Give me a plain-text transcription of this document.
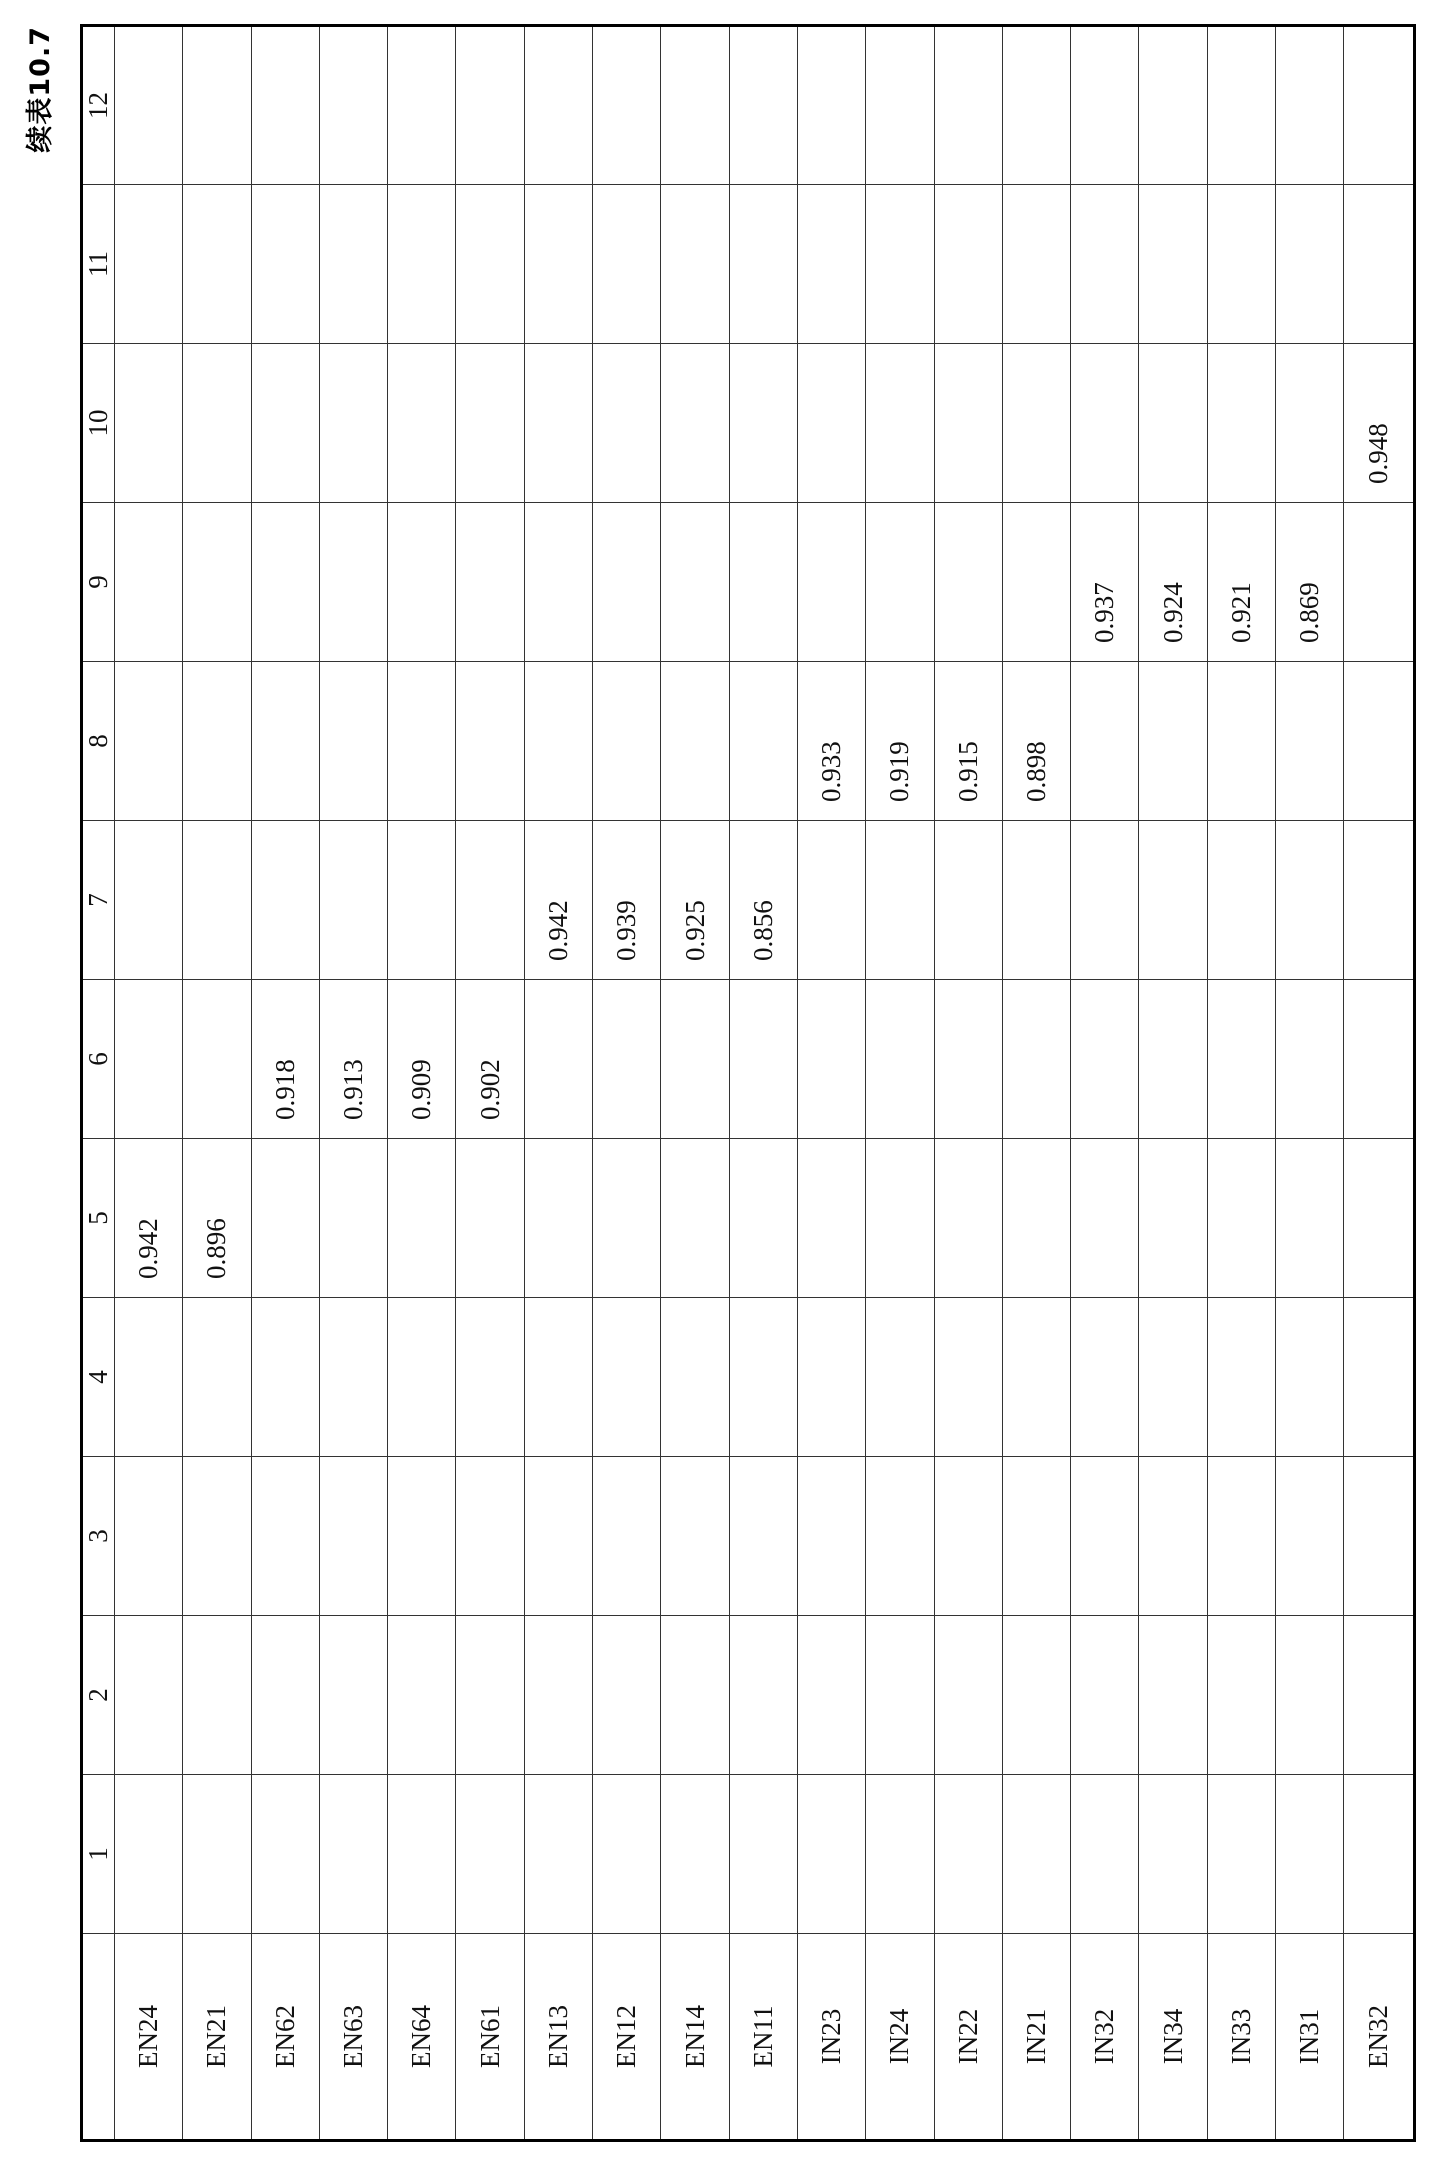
续表10.7
	1	2	3	4	5	6	7	8	9	10	11	12
EN24					0.942							
EN21					0.896							
EN62						0.918						
EN63						0.913						
EN64						0.909						
EN61						0.902						
EN13							0.942					
EN12							0.939					
EN14							0.925					
EN11							0.856					
IN23								0.933				
IN24								0.919				
IN22								0.915				
IN21								0.898				
IN32									0.937			
IN34									0.924			
IN33									0.921			
IN31									0.869			
EN32										0.948		
